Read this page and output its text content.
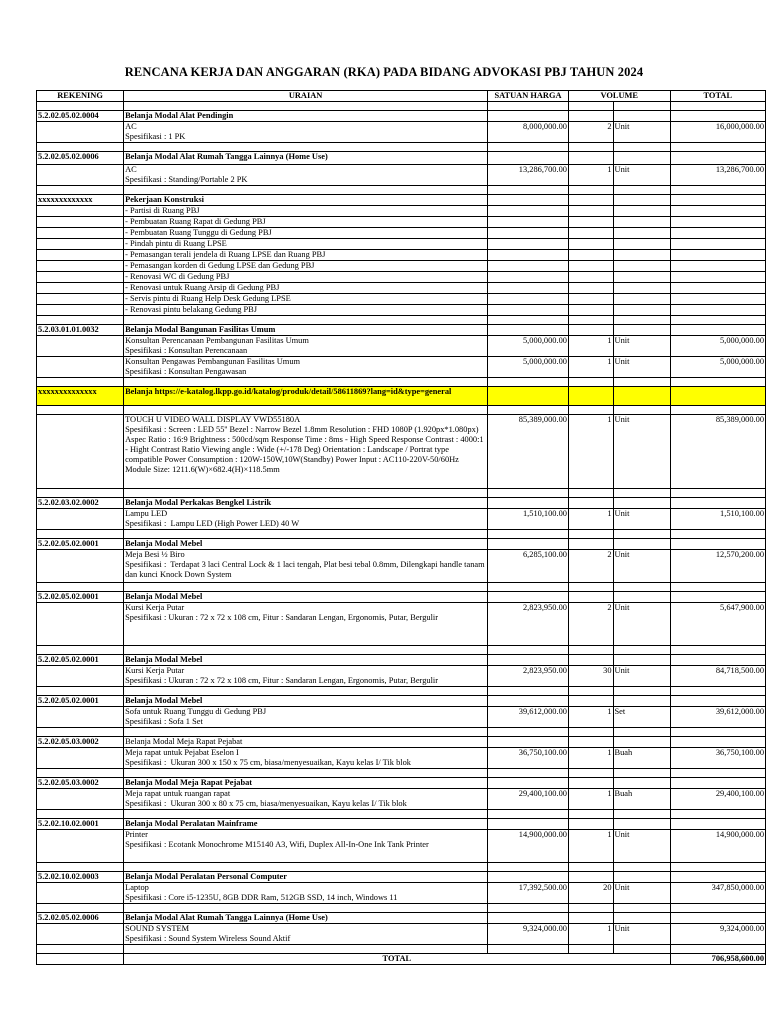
RENCANA KERJA DAN ANGGARAN (RKA) PADA BIDANG ADVOKASI PBJ TAHUN 2024
REKENING	URAIAN	SATUAN HARGA	VOLUME		TOTAL

5.2.02.05.02.0004	Belanja Modal Alat Pendingin				
	AC
Spesifikasi : 1 PK	8,000,000.00	2	Unit	16,000,000.00

5.2.02.05.02.0006	Belanja Modal Alat Rumah Tangga Lainnya (Home Use)				
	AC
Spesifikasi : Standing/Portable 2 PK	13,286,700.00	1	Unit	13,286,700.00

xxxxxxxxxxxxx	Pekerjaan Konstruksi				
	- Partisi di Ruang PBJ				
	- Pembuatan Ruang Rapat di Gedung PBJ				
	- Pembuatan Ruang Tunggu di Gedung PBJ				
	- Pindah pintu di Ruang LPSE				
	- Pemasangan terali jendela di Ruang LPSE dan Ruang PBJ				
	- Pemasangan korden di Gedung LPSE dan Gedung PBJ				
	- Renovasi WC di Gedung PBJ				
	- Renovasi untuk Ruang Arsip di Gedung PBJ				
	- Servis pintu di Ruang Help Desk Gedung LPSE				
	- Renovasi pintu belakang Gedung PBJ				

5.2.03.01.01.0032	Belanja Modal Bangunan Fasilitas Umum				
	Konsultan Perencanaan Pembangunan Fasilitas Umum
Spesifikasi : Konsultan Perencanaan	5,000,000.00	1	Unit	5,000,000.00
	Konsultan Pengawas Pembangunan Fasilitas Umum
Spesifikasi : Konsultan Pengawasan	5,000,000.00	1	Unit	5,000,000.00

xxxxxxxxxxxxxx	Belanja https://e-katalog.lkpp.go.id/katalog/produk/detail/58611869?lang=id&type=general				

	TOUCH U VIDEO WALL DISPLAY VWD55180A
Spesifikasi : Screen : LED 55'' Bezel : Narrow Bezel 1.8mm Resolution : FHD 1080P (1.920px*1.080px) Aspec Ratio : 16:9 Brightness : 500cd/sqm Response Time : 8ms - High Speed Response Contrast : 4000:1 - Hight Contrast Ratio Viewing angle : Wide (+/-178 Deg) Orientation : Landscape / Portrat type compatible Power Consumption : 120W-150W,10W(Standby) Power Input : AC110-220V-50/60Hz Module Size: 1211.6(W)×682.4(H)×118.5mm	85,389,000.00	1	Unit	85,389,000.00

5.2.02.03.02.0002	Belanja Modal Perkakas Bengkel Listrik				
	Lampu LED
Spesifikasi :  Lampu LED (High Power LED) 40 W	1,510,100.00	1	Unit	1,510,100.00

5.2.02.05.02.0001	Belanja Modal Mebel				
	Meja Besi ½ Biro
Spesifikasi :  Terdapat 3 laci Central Lock & 1 laci tengah, Plat besi tebal 0.8mm, Dilengkapi handle tanam dan kunci Knock Down System	6,285,100.00	2	Unit	12,570,200.00

5.2.02.05.02.0001	Belanja Modal Mebel				
	Kursi Kerja Putar
Spesifikasi : Ukuran : 72 x 72 x 108 cm, Fitur : Sandaran Lengan, Ergonomis, Putar, Bergulir	2,823,950.00	2	Unit	5,647,900.00

5.2.02.05.02.0001	Belanja Modal Mebel				
	Kursi Kerja Putar
Spesifikasi : Ukuran : 72 x 72 x 108 cm, Fitur : Sandaran Lengan, Ergonomis, Putar, Bergulir	2,823,950.00	30	Unit	84,718,500.00

5.2.02.05.02.0001	Belanja Modal Mebel				
	Sofa untuk Ruang Tunggu di Gedung PBJ
Spesifikasi : Sofa 1 Set	39,612,000.00	1	Set	39,612,000.00

5.2.02.05.03.0002	Belanja Modal Meja Rapat Pejabat				
	Meja rapat untuk Pejabat Eselon I
Spesifikasi :  Ukuran 300 x 150 x 75 cm, biasa/menyesuaikan, Kayu kelas I/ Tik blok	36,750,100.00	1	Buah	36,750,100.00

5.2.02.05.03.0002	Belanja Modal Meja Rapat Pejabat				
	Meja rapat untuk ruangan rapat
Spesifikasi :  Ukuran 300 x 80 x 75 cm, biasa/menyesuaikan, Kayu kelas I/ Tik blok	29,400,100.00	1	Buah	29,400,100.00

5.2.02.10.02.0001	Belanja Modal Peralatan Mainframe				
	Printer
Spesifikasi : Ecotank Monochrome M15140 A3, Wifi, Duplex All-In-One Ink Tank Printer	14,900,000.00	1	Unit	14,900,000.00

5.2.02.10.02.0003	Belanja Modal Peralatan Personal Computer				
	Laptop
Spesifikasi : Core i5-1235U, 8GB DDR Ram, 512GB SSD, 14 inch, Windows 11	17,392,500.00	20	Unit	347,850,000.00

5.2.02.05.02.0006	Belanja Modal Alat Rumah Tangga Lainnya (Home Use)				
	SOUND SYSTEM
Spesifikasi : Sound System Wireless Sound Aktif	9,324,000.00	1	Unit	9,324,000.00

	TOTAL				706,958,600.00
